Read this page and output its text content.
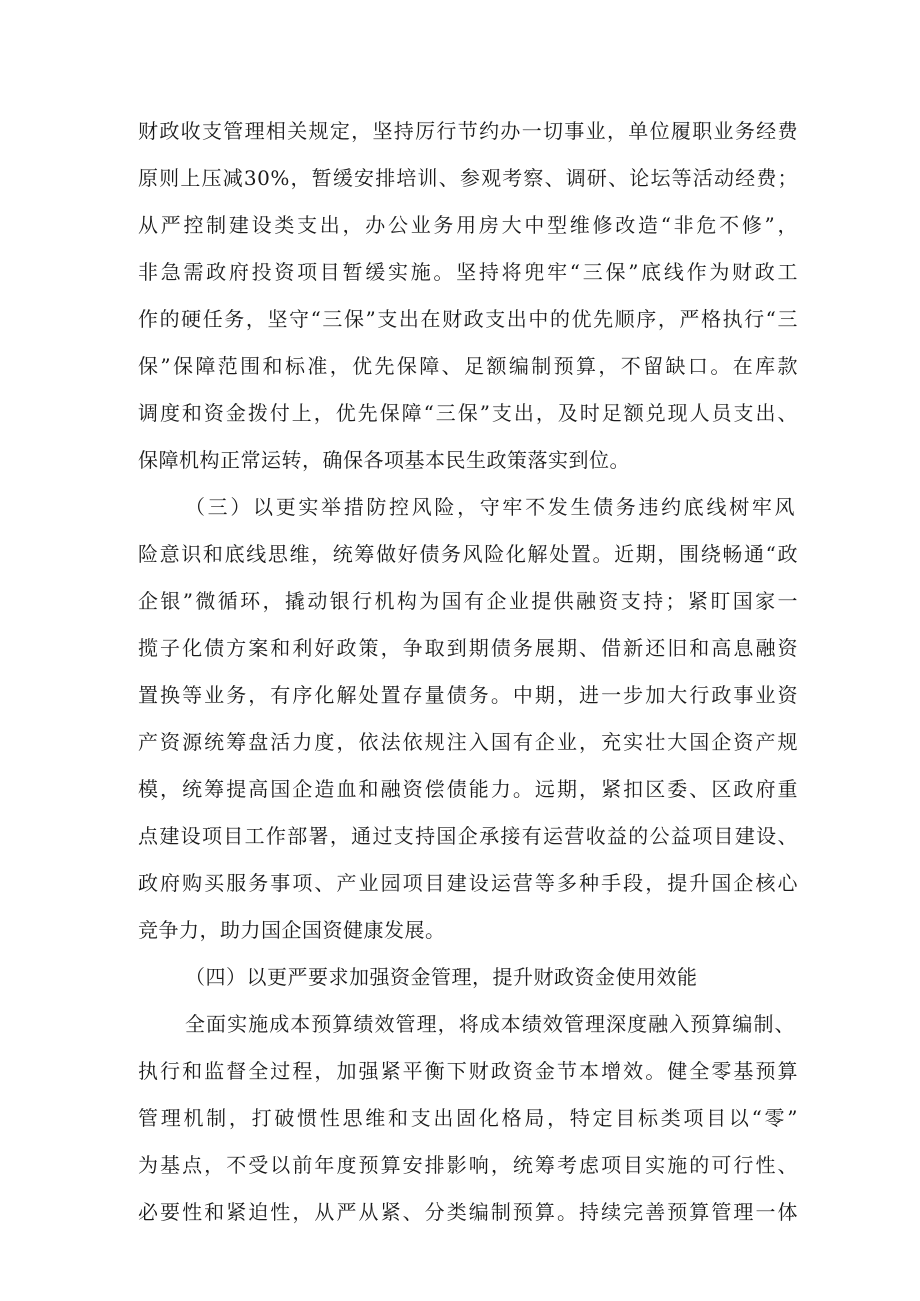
财政收支管理相关规定，坚持厉行节约办一切事业，单位履职业务经费
原则上压减30%，暂缓安排培训、参观考察、调研、论坛等活动经费；
从严控制建设类支出，办公业务用房大中型维修改造“非危不修”，
非急需政府投资项目暂缓实施。坚持将兜牢“三保”底线作为财政工
作的硬任务，坚守“三保”支出在财政支出中的优先顺序，严格执行“三
保”保障范围和标准，优先保障、足额编制预算，不留缺口。在库款
调度和资金拨付上，优先保障“三保”支出，及时足额兑现人员支出、
保障机构正常运转，确保各项基本民生政策落实到位。
（三）以更实举措防控风险，守牢不发生债务违约底线树牢风
险意识和底线思维，统筹做好债务风险化解处置。近期，围绕畅通“政
企银”微循环，撬动银行机构为国有企业提供融资支持；紧盯国家一
揽子化债方案和利好政策，争取到期债务展期、借新还旧和高息融资
置换等业务，有序化解处置存量债务。中期，进一步加大行政事业资
产资源统筹盘活力度，依法依规注入国有企业，充实壮大国企资产规
模，统筹提高国企造血和融资偿债能力。远期，紧扣区委、区政府重
点建设项目工作部署，通过支持国企承接有运营收益的公益项目建设、
政府购买服务事项、产业园项目建设运营等多种手段，提升国企核心
竞争力，助力国企国资健康发展。
（四）以更严要求加强资金管理，提升财政资金使用效能
全面实施成本预算绩效管理，将成本绩效管理深度融入预算编制、
执行和监督全过程，加强紧平衡下财政资金节本增效。健全零基预算
管理机制，打破惯性思维和支出固化格局，特定目标类项目以“零”
为基点，不受以前年度预算安排影响，统筹考虑项目实施的可行性、
必要性和紧迫性，从严从紧、分类编制预算。持续完善预算管理一体
